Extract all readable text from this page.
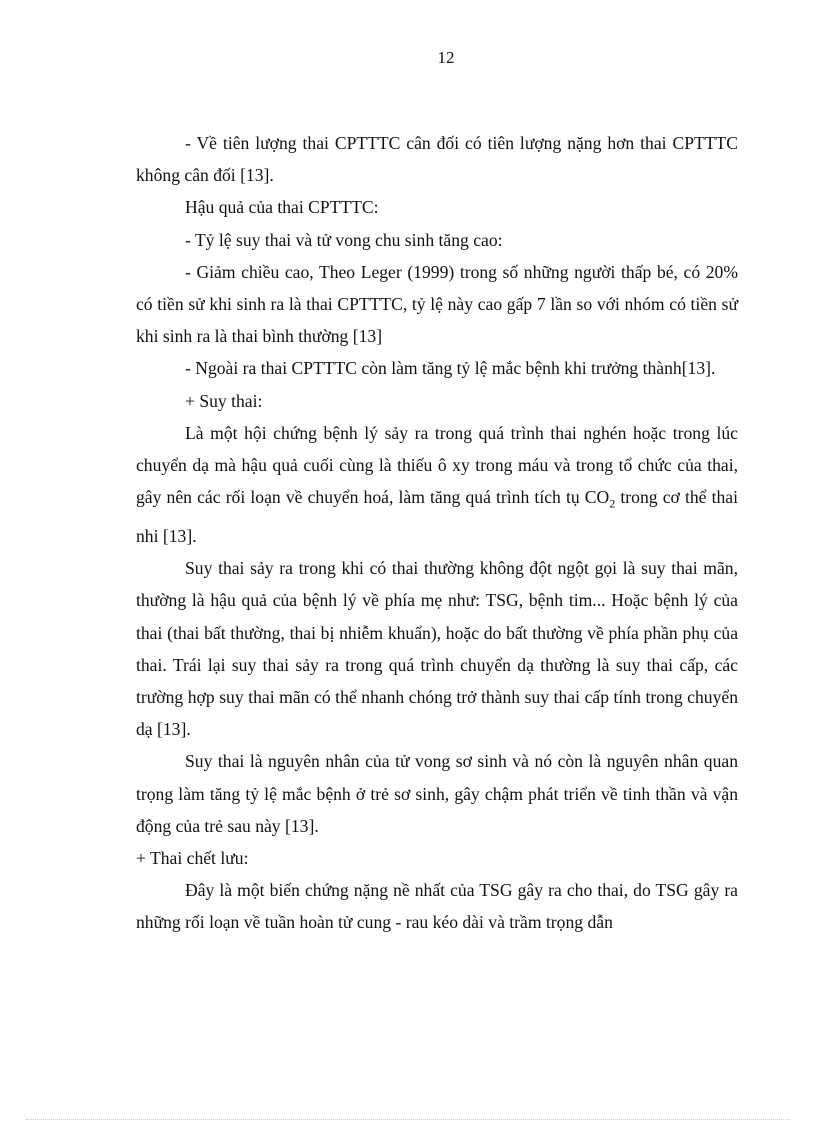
12

- Về tiên lượng thai CPTTTC cân đối có tiên lượng nặng hơn thai CPTTTC không cân đối [13].

Hậu quả của thai CPTTTC:

- Tỷ lệ suy thai và tử vong chu sinh tăng cao:

- Giảm chiều cao, Theo Leger (1999) trong số những người thấp bé, có 20% có tiền sử khi sinh ra là thai CPTTTC, tỷ lệ này cao gấp 7 lần so với nhóm có tiền sử khi sinh ra là thai bình thường [13]

- Ngoài ra thai CPTTTC còn làm tăng tỷ lệ mắc bệnh khi trưởng thành[13].

+ Suy thai:

Là một hội chứng bệnh lý sảy ra trong quá trình thai nghén hoặc trong lúc chuyển dạ mà hậu quả cuối cùng là thiếu ô xy trong máu và trong tổ chức của thai, gây nên các rối loạn về chuyển hoá, làm tăng quá trình tích tụ $CO_2$ trong cơ thể thai nhi [13].

Suy thai sảy ra trong khi có thai thường không đột ngột gọi là suy thai mãn, thường là hậu quả của bệnh lý về phía mẹ như: TSG, bệnh tim... Hoặc bệnh lý của thai (thai bất thường, thai bị nhiễm khuẩn), hoặc do bất thường về phía phần phụ của thai. Trái lại suy thai sảy ra trong quá trình chuyển dạ thường là suy thai cấp, các trường hợp suy thai mãn có thể nhanh chóng trở thành suy thai cấp tính trong chuyển dạ [13].

Suy thai là nguyên nhân của tử vong sơ sinh và nó còn là nguyên nhân quan trọng làm tăng tỷ lệ mắc bệnh ở trẻ sơ sinh, gây chậm phát triển về tinh thần và vận động của trẻ sau này [13].

+ Thai chết lưu:

Đây là một biến chứng nặng nề nhất của TSG gây ra cho thai, do TSG gây ra những rối loạn về tuần hoàn tử cung - rau kéo dài và trầm trọng dẫn
